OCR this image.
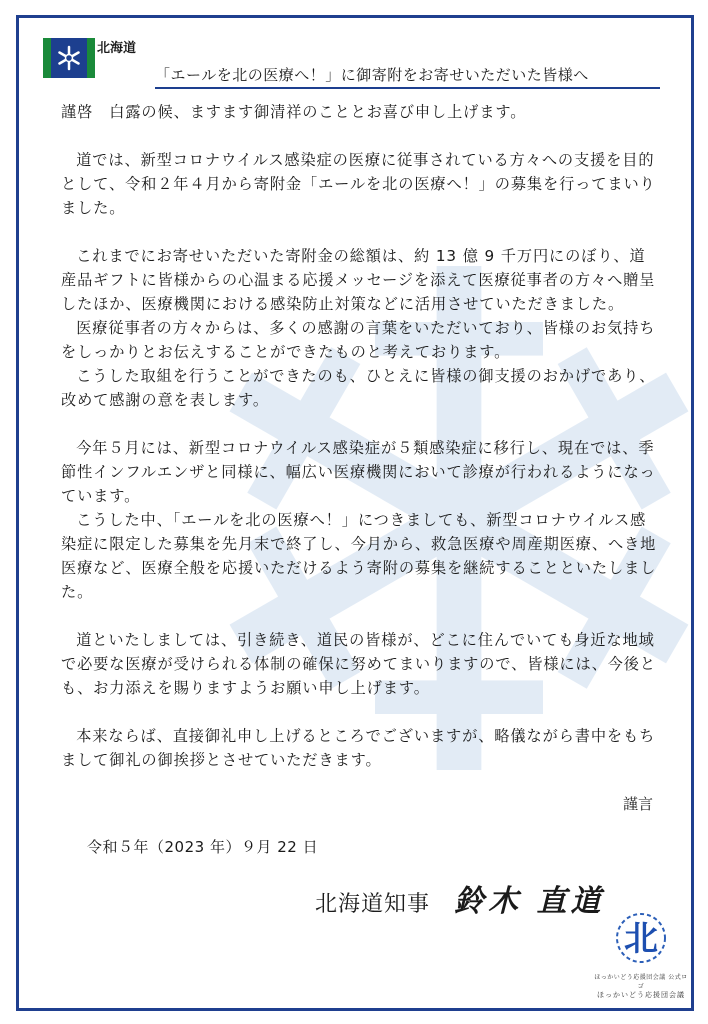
北海道
「エールを北の医療へ！」に御寄附をお寄せいただいた皆様へ

謹啓　白露の候、ますます御清祥のこととお喜び申し上げます。

道では、新型コロナウイルス感染症の医療に従事されている方々への支援を目的として、令和２年４月から寄附金「エールを北の医療へ！」の募集を行ってまいりました。

これまでにお寄せいただいた寄附金の総額は、約 13 億 9 千万円にのぼり、道産品ギフトに皆様からの心温まる応援メッセージを添えて医療従事者の方々へ贈呈したほか、医療機関における感染防止対策などに活用させていただきました。

医療従事者の方々からは、多くの感謝の言葉をいただいており、皆様のお気持ちをしっかりとお伝えすることができたものと考えております。

こうした取組を行うことができたのも、ひとえに皆様の御支援のおかげであり、改めて感謝の意を表します。

今年５月には、新型コロナウイルス感染症が５類感染症に移行し、現在では、季節性インフルエンザと同様に、幅広い医療機関において診療が行われるようになっています。

こうした中、「エールを北の医療へ！」につきましても、新型コロナウイルス感染症に限定した募集を先月末で終了し、今月から、救急医療や周産期医療、へき地医療など、医療全般を応援いただけるよう寄附の募集を継続することといたしました。

道といたしましては、引き続き、道民の皆様が、どこに住んでいても身近な地域で必要な医療が受けられる体制の確保に努めてまいりますので、皆様には、今後とも、お力添えを賜りますようお願い申し上げます。

本来ならば、直接御礼申し上げるところでございますが、略儀ながら書中をもちまして御礼の御挨拶とさせていただきます。

謹言
令和５年（2023 年）９月 22 日
北海道知事 鈴木 直道
北
ほっかいどう応援団会議 公式ロゴ
ほっかいどう応援団会議
